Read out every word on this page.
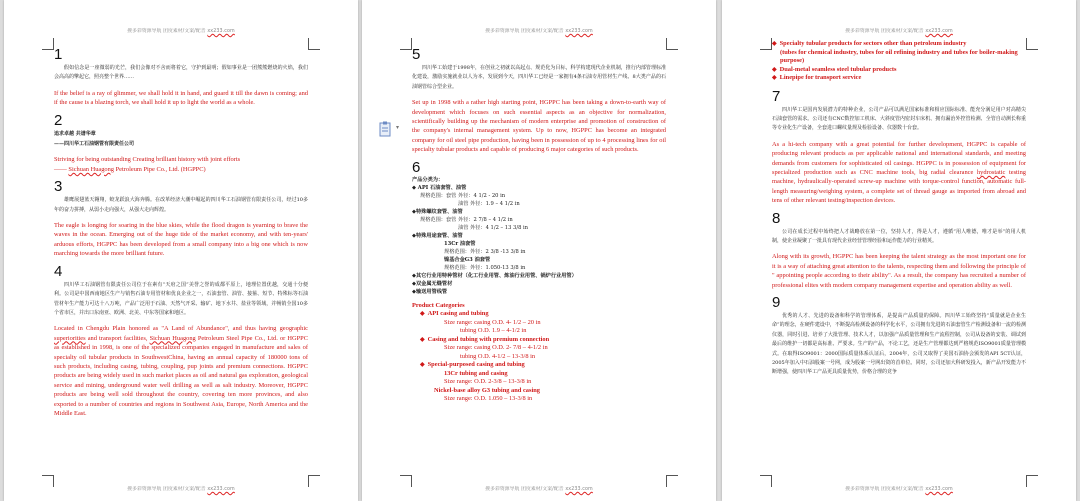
搜多彩资源导航 团度素材/文案/配音 xx233.com
1
假如信念是一座微弱的光芒，我们会像对不舍而将着它，守护到最明；假如事业是一团熊熊燃烧的火焰，我们会高高的擎起它，照亮整个世界……
If the belief is a ray of glimmer, we shall hold it in hand, and guard it till the dawn is coming; and if the cause is a blazing torch, we shall hold it up to light the world as a whole.
2
追求卓越 共谱华章
——四川华工石油钢管有限责任公司
Striving for being outstanding Creating brilliant history with joint efforts
—— Sichuan Huagong Petroleum Pipe Co., Ltd. (HGPPC)
3
雄鹰展翅蓝天翱翔，蛟龙跃浪大海奔腾。在改革经济大潮中崛起的四川华工石油钢管有限责任公司，经过10多年的奋力拼搏，从弱小走向强大，从强大走向辉煌。
The eagle is longing for soaring in the blue skies, while the flood dragon is yearning to brave the waves in the ocean. Emerging out of the huge tide of the market economy, and with ten-years' arduous efforts, HGPPC has been developed from a small company into a big one which is now marching towards the more brilliant future.
4
四川华工石油钢管有限责任公司位于在素有“天府之国”美誉之誉的成都平原上，地理位置优越，交通十分便利。公司是中国西南地区生产与销售石油专用管材和优良企业之一，石油套管、油管、接箍、短节、特殊标等石油管材年生产能力可达十八万吨，产品广泛用于石油、天然气开采、输矿、地下水井、盐业等领域，并畅销全国10多个省市区，并出口东南亚、欧洲、北美、中东等国家和地区。
Located in Chengdu Plain honored as "A Land of Abundance", and thus having geographic superiorities and transport facilities, Sichuan Huagong Petroleum Steel Pipe Co., Ltd. or HGPPC as established in 1998, is one of the specialized companies engaged in manufacture and sales of specialty oil tubular products in SouthwestChina, having an annual capacity of 180000 tons of such products, including casing, tubing, coupling, pup joints and premium connections. HGPPC products are being widely used in such market places as oil and natural gas exploration, geological service and mining, underground water well drilling as well as salt industry. Moreover, HGPPC products are being well sold throughout the country, covering ten more provinces, and also exported to a number of countries and regions in Southwest Asia, Europe, North America and the Middle East.
搜多彩资源导航 团度素材/文案/配音 xx233.com
搜多彩资源导航 团度素材/文案/配音 xx233.com
▾
5
四川华工始建于1998年，在创业之初就以高起点、规范化为目标，科学构建现代企业机制，推行内部管理标准化建设，激励实施就业以人为本，发展到今天，四川华工已经是一家拥有4条石油专用管材生产线、8大类产品的石油钢管综合型企业。
Set up in 1998 with a rather high starting point, HGPPC has been taking a down-to-earth way of development which focuses on such essential aspects as an objective for normalization, scientifically building up the mechanism of modern enterprise and promotion of construction of the company's internal management system. Up to now, HGPPC has become an integrated company for oil steel pipe production, having been in possession of up to 4 processing lines for oil specialty tubular products and capable of producing 6 major categories of such products.
6
产品分类为：
◆ API 石油套管、油管
规格范围：套管 外径：4 1/2 - 20 in
油管 外径：1.9 – 4 1/2 in
◆特殊螺纹套管、油管
规格范围：套管 外径：2 7/8 – 4 1/2 in
油管 外径：4 1/2 – 13 3/8 in
◆特殊用途套管、油管
13Cr 油套管
规格范围：外径：2 3/8 -13 3/8 in
镍基合金G3 油套管
规格范围：外径：1.050-13 3/8 in
◆其它行业用特种管材（化工行业用管、炼油行业用管、锅炉行业用管）
◆双金属无缝管材
◆输送用管线管
Product Categories
◆ API casing and tubing
Size range: casing O.D. 4- 1/2 – 20 in
tubing O.D. 1.9 – 4-1/2 in
◆ Casing and tubing with premium connection
Size range: casing O.D. 2- 7/8 – 4-1/2 in
tubing O.D. 4-1/2 – 13-3/8 in
◆ Special-purposed casing and tubing
13Cr tubing and casing
Size range: O.D. 2-3/8 – 13-3/8 in
Nickel-base alloy G3 tubing and casing
Size range: O.D. 1.050 – 13-3/8 in
搜多彩资源导航 团度素材/文案/配音 xx233.com
搜多彩资源导航 团度素材/文案/配音 xx233.com
◆ Specialty tubular products for sectors other than petroleum industry
(tubes for chemical industry, tubes for oil refining industry and tubes for boiler-making purpose)
◆ Dual-metal seamless steel tubular products
◆ Linepipe for transport service
7
四川华工是国内发展潜力的特种企业，公司产品可以满足国家标准和相应国际标准、能充分满足用户对高精尖石油套管的需求。公司还有CNC数控加工机床、大斜度管内密封车床机、拥有漏治外控管检测、全管自动测长称重等专业化生产设备，全套进口螺纹量规及检验设备、仪器数十台套。
As a hi-tech company with a great potential for further development, HGPPC is capable of producing relevant products as per applicable national and international standards, and meeting demands from customers for sophisticated oil casings. HGPPC is in possession of equipment for specialized production such as CNC machine tools, big radial clearance hydrostatic testing machine, hydraulically-operated screw-up machine with torque-control function, automatic full-length measuring/weighing system, a complete set of thread gauge as imported from abroad and tens of other relevant testing/inspection devices.
8
公司在成长过程中始终把人才战略放在第一位，坚持人才，得是人才，遵循“用人唯德，唯才是举”的用人机制，使企业凝聚了一批具有现代企业经营管理经验和运作能力的行业精英。
Along with its growth, HGPPC has been keeping the talent strategy as the most important one for it is a way of attaching great attention to the talents, respecting them and following the principle of " appointing people according to their ability". As a result, the company has recruited a number of professional elites with modern company management expertise and operation ability as well.
9
优秀的人才、先进的设备和科学的管理体系，是提高产品质量的保障。四川华工始终坚持“质量就是企业生命”的理念，在硬件建设中，不断提高检测设备的科学化水平，公司拥有先进的石油套管生产检测设备和一流的检测仪器，同时引进、培养了大批管理、技术人才，以加强产品质量管理和生产流程控制，公司从设备的安装、调试到最后的维护一切都是高标准、严要求。生产的产品，不论工艺，还是生产管理都达到严格规范ISO9001质量管理模式。在取得ISO9001：2000国际质量体系认证后，2004年，公司又取得了美国石油协会颁发的API 5CT认证，2005年加入中石油股案一号网，成为股案一号网出资的首单位。同时，公司还加大科研发投入，新产品开发能力不断增强，使四川华工产品更具质量优势，价格合理的竞争
搜多彩资源导航 团度素材/文案/配音 xx233.com
